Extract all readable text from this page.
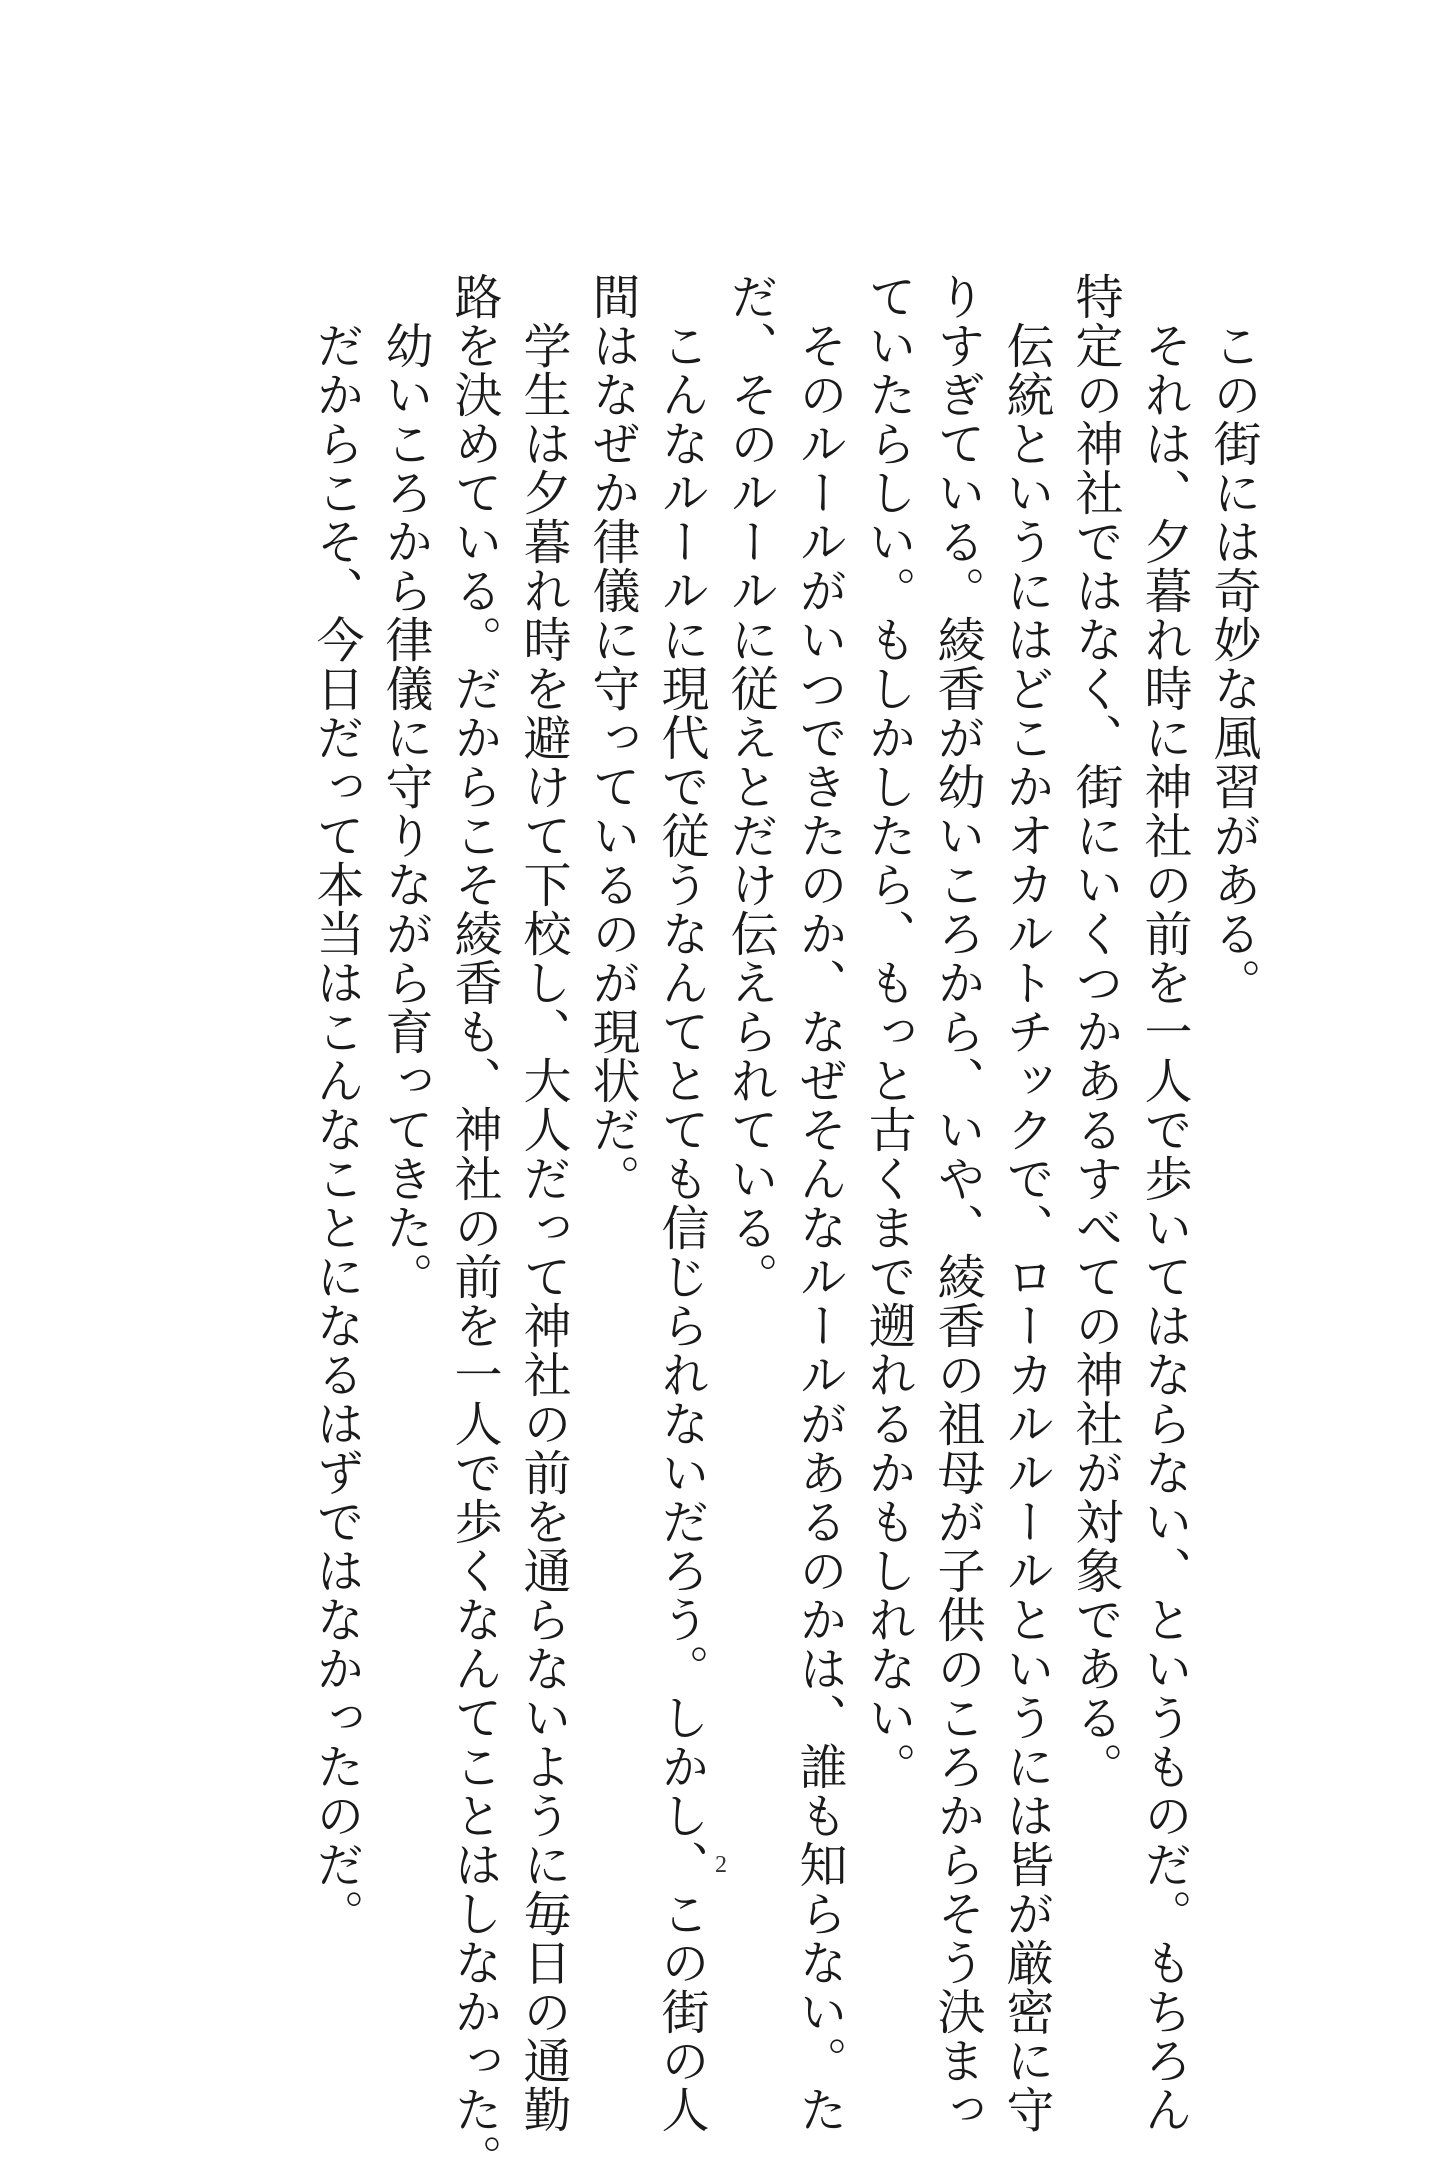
　この街には奇妙な風習がある。
　それは、夕暮れ時に神社の前を一人で歩いてはならない、というものだ。もちろん
特定の神社ではなく、街にいくつかあるすべての神社が対象である。
　伝統というにはどこかオカルトチックで、ローカルルールというには皆が厳密に守
りすぎている。綾香が幼いころから、いや、綾香の祖母が子供のころからそう決まっ
ていたらしい。もしかしたら、もっと古くまで遡れるかもしれない。
　そのルールがいつできたのか、なぜそんなルールがあるのかは、誰も知らない。た
だ、そのルールに従えとだけ伝えられている。
　こんなルールに現代で従うなんてとても信じられないだろう。しかし、この街の人
間はなぜか律儀に守っているのが現状だ。
　学生は夕暮れ時を避けて下校し、大人だって神社の前を通らないように毎日の通勤
路を決めている。だからこそ綾香も、神社の前を一人で歩くなんてことはしなかった。
　幼いころから律儀に守りながら育ってきた。
　だからこそ、今日だって本当はこんなことになるはずではなかったのだ。	2
